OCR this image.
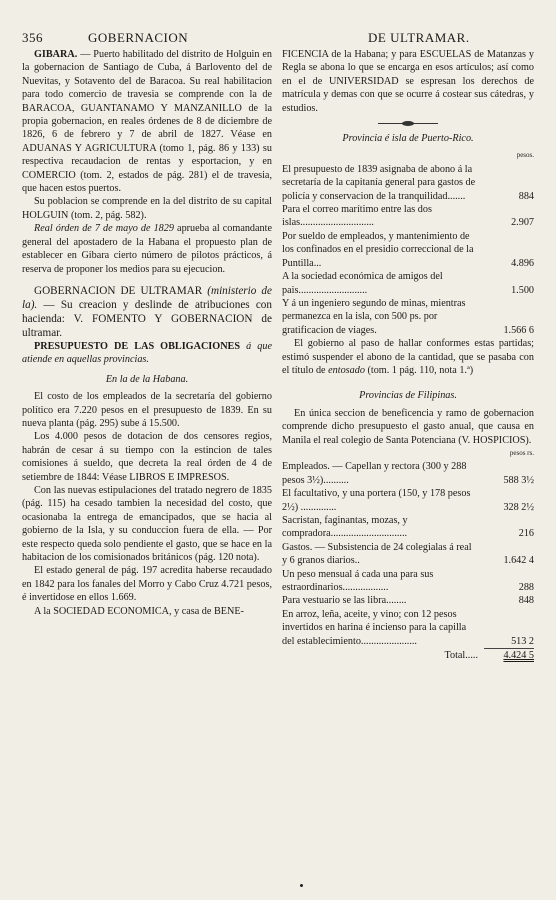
356	GOBERNACION	DE ULTRAMAR.

GIBARA. — Puerto habilitado del distrito de Holguin en la gobernacion de Santiago de Cuba, á Barlovento del de Nuevitas, y Sotavento del de Baracoa. Su real habilitacion para todo comercio de travesia se comprende con la de BARACOA, GUANTANAMO Y MANZANILLO de la propia gobernacion, en reales órdenes de 8 de diciembre de 1826, 6 de febrero y 7 de abril de 1827. Véase en ADUANAS Y AGRICULTURA (tomo 1, pág. 86 y 133) su respectiva recaudacion de rentas y esportacion, y en COMERCIO (tom. 2, estados de pág. 281) el de travesia, que hacen estos puertos.

Su poblacion se comprende en la del distrito de su capital HOLGUIN (tom. 2, pág. 582).

Real órden de 7 de mayo de 1829 aprueba al comandante general del apostadero de la Habana el propuesto plan de establecer en Gibara cierto número de pilotos prácticos, á reserva de proponer los medios para su ejecucion.

GOBERNACION DE ULTRAMAR (ministerio de la). — Su creacion y deslinde de atribuciones con hacienda: V. FOMENTO Y GOBERNACION de ultramar.

PRESUPUESTO DE LAS OBLIGACIONES á que atiende en aquellas provincias.

En la de la Habana.

El costo de los empleados de la secretaría del gobierno político era 7.220 pesos en el presupuesto de 1839. En su nueva planta (pág. 295) sube á 15.500.

Los 4.000 pesos de dotacion de dos censores regios, habrán de cesar á su tiempo con la estincion de tales comisiones á sueldo, que decreta la real órden de 4 de setiembre de 1844: Véase LIBROS E IMPRESOS.

Con las nuevas estipulaciones del tratado negrero de 1835 (pág. 115) ha cesado tambien la necesidad del costo, que ocasionaba la entrega de emancipados, que se hacia al gobierno de la Isla, y su conduccion fuera de ella. — Por este respecto queda solo pendiente el gasto, que se hace en la habitacion de los comisionados británicos (pág. 120 nota).

El estado general de pág. 197 acredita haberse recaudado en 1842 para los fanales del Morro y Cabo Cruz 4.721 pesos, é invertidose en ellos 1.669.

A la SOCIEDAD ECONOMICA, y casa de BENE-

FICENCIA de la Habana; y para ESCUELAS de Matanzas y Regla se abona lo que se encarga en esos artículos; así como en el de UNIVERSIDAD se espresan los derechos de matrícula y demas con que se ocurre á costear sus cátedras, y estudios.

Provincia é isla de Puerto-Rico.

pesos.
El presupuesto de 1839 asignaba de abono á la secretaría de la capitanía general para gastos de policía y conservacion de la tranquilidad.......	884
Para el correo marítimo entre las dos islas.............................	2.907
Por sueldo de empleados, y mantenimiento de los confinados en el presidio correccional de la Puntilla...	4.896
A la sociedad económica de amigos del pais...........................	1.500
Y á un ingeniero segundo de minas, mientras permanezca en la isla, con 500 ps. por gratificacion de viages.	1.566 6

El gobierno al paso de hallar conformes estas partidas; estimó suspender el abono de la cantidad, que se pasaba con el título de entosado (tom. 1 pág. 110, nota 1.ª)

Provincias de Filipinas.

En única seccion de beneficencia y ramo de gobernacion comprende dicho presupuesto el gasto anual, que causa en Manila el real colegio de Santa Potenciana (V. HOSPICIOS).

pesos rs.
Empleados. — Capellan y rectora (300 y 288 pesos 3½)..........	588 3½
El facultativo, y una portera (150, y 178 pesos 2½) ..............	328 2½
Sacristan, faginantas, mozas, y compradora..............................	216
Gastos. — Subsistencia de 24 colegialas á real y 6 granos diarios..	1.642 4
Un peso mensual á cada una para sus estraordinarios..................	288
Para vestuario se las libra........	848
En arroz, leña, aceite, y vino; con 12 pesos invertidos en harina é incienso para la capilla del establecimiento......................	513 2
Total.....	4.424 5
